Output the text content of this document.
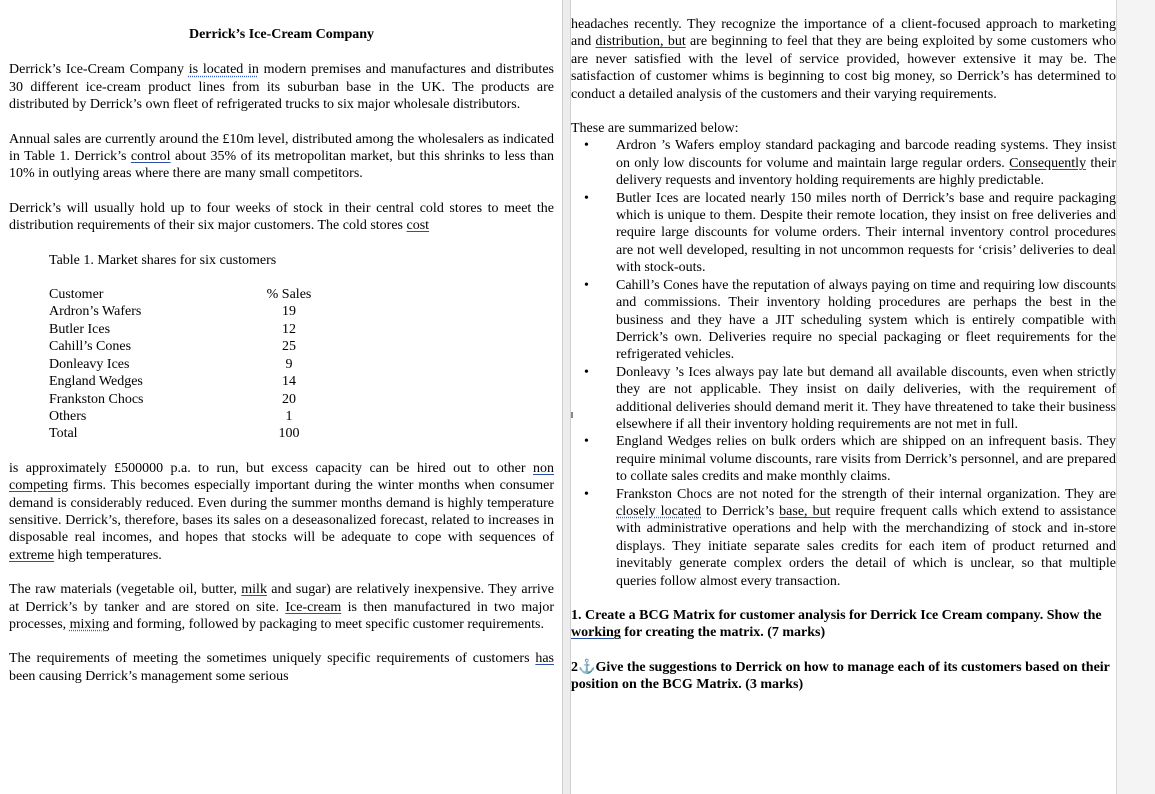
Derrick’s Ice-Cream Company

Derrick’s Ice-Cream Company is located in modern premises and manufactures and distributes 30 different ice-cream product lines from its suburban base in the UK. The products are distributed by Derrick’s own fleet of refrigerated trucks to six major wholesale distributors.

Annual sales are currently around the £10m level, distributed among the wholesalers as indicated in Table 1. Derrick’s control about 35% of its metropolitan market, but this shrinks to less than 10% in outlying areas where there are many small competitors.

Derrick’s will usually hold up to four weeks of stock in their central cold stores to meet the distribution requirements of their six major customers. The cold stores cost

Table 1. Market shares for six customers

Customer	% Sales
Ardron’s Wafers	19
Butler Ices	12
Cahill’s Cones	25
Donleavy Ices	9
England Wedges	14
Frankston Chocs	20
Others	1
Total	100

is approximately £500000 p.a. to run, but excess capacity can be hired out to other non competing firms. This becomes especially important during the winter months when consumer demand is considerably reduced. Even during the summer months demand is highly temperature sensitive. Derrick’s, therefore, bases its sales on a deseasonalized forecast, related to increases in disposable real incomes, and hopes that stocks will be adequate to cope with sequences of extreme high temperatures.

The raw materials (vegetable oil, butter, milk and sugar) are relatively inexpensive. They arrive at Derrick’s by tanker and are stored on site. Ice-cream is then manufactured in two major processes, mixing and forming, followed by packaging to meet specific customer requirements.

The requirements of meeting the sometimes uniquely specific requirements of customers has been causing Derrick’s management some serious

headaches recently. They recognize the importance of a client-focused approach to marketing and distribution, but are beginning to feel that they are being exploited by some customers who are never satisfied with the level of service provided, however extensive it may be. The satisfaction of customer whims is beginning to cost big money, so Derrick’s has determined to conduct a detailed analysis of the customers and their varying requirements.

These are summarized below:

• Ardron ’s Wafers employ standard packaging and barcode reading systems. They insist on only low discounts for volume and maintain large regular orders. Consequently their delivery requests and inventory holding requirements are highly predictable.
• Butler Ices are located nearly 150 miles north of Derrick’s base and require packaging which is unique to them. Despite their remote location, they insist on free deliveries and require large discounts for volume orders. Their internal inventory control procedures are not well developed, resulting in not uncommon requests for ‘crisis’ deliveries to deal with stock-outs.
• Cahill’s Cones have the reputation of always paying on time and requiring low discounts and commissions. Their inventory holding procedures are perhaps the best in the business and they have a JIT scheduling system which is entirely compatible with Derrick’s own. Deliveries require no special packaging or fleet requirements for the refrigerated vehicles.
• Donleavy ’s Ices always pay late but demand all available discounts, even when strictly they are not applicable. They insist on daily deliveries, with the requirement of additional deliveries should demand merit it. They have threatened to take their business elsewhere if all their inventory holding requirements are not met in full.
• England Wedges relies on bulk orders which are shipped on an infrequent basis. They require minimal volume discounts, rare visits from Derrick’s personnel, and are prepared to collate sales credits and make monthly claims.
• Frankston Chocs are not noted for the strength of their internal organization. They are closely located to Derrick’s base, but require frequent calls which extend to assistance with administrative operations and help with the merchandizing of stock and in-store displays. They initiate separate sales credits for each item of product returned and inevitably generate complex orders the detail of which is unclear, so that multiple queries follow almost every transaction.

1. Create a BCG Matrix for customer analysis for Derrick Ice Cream company. Show the working for creating the matrix. (7 marks)

2⚓Give the suggestions to Derrick on how to manage each of its customers based on their position on the BCG Matrix. (3 marks)
